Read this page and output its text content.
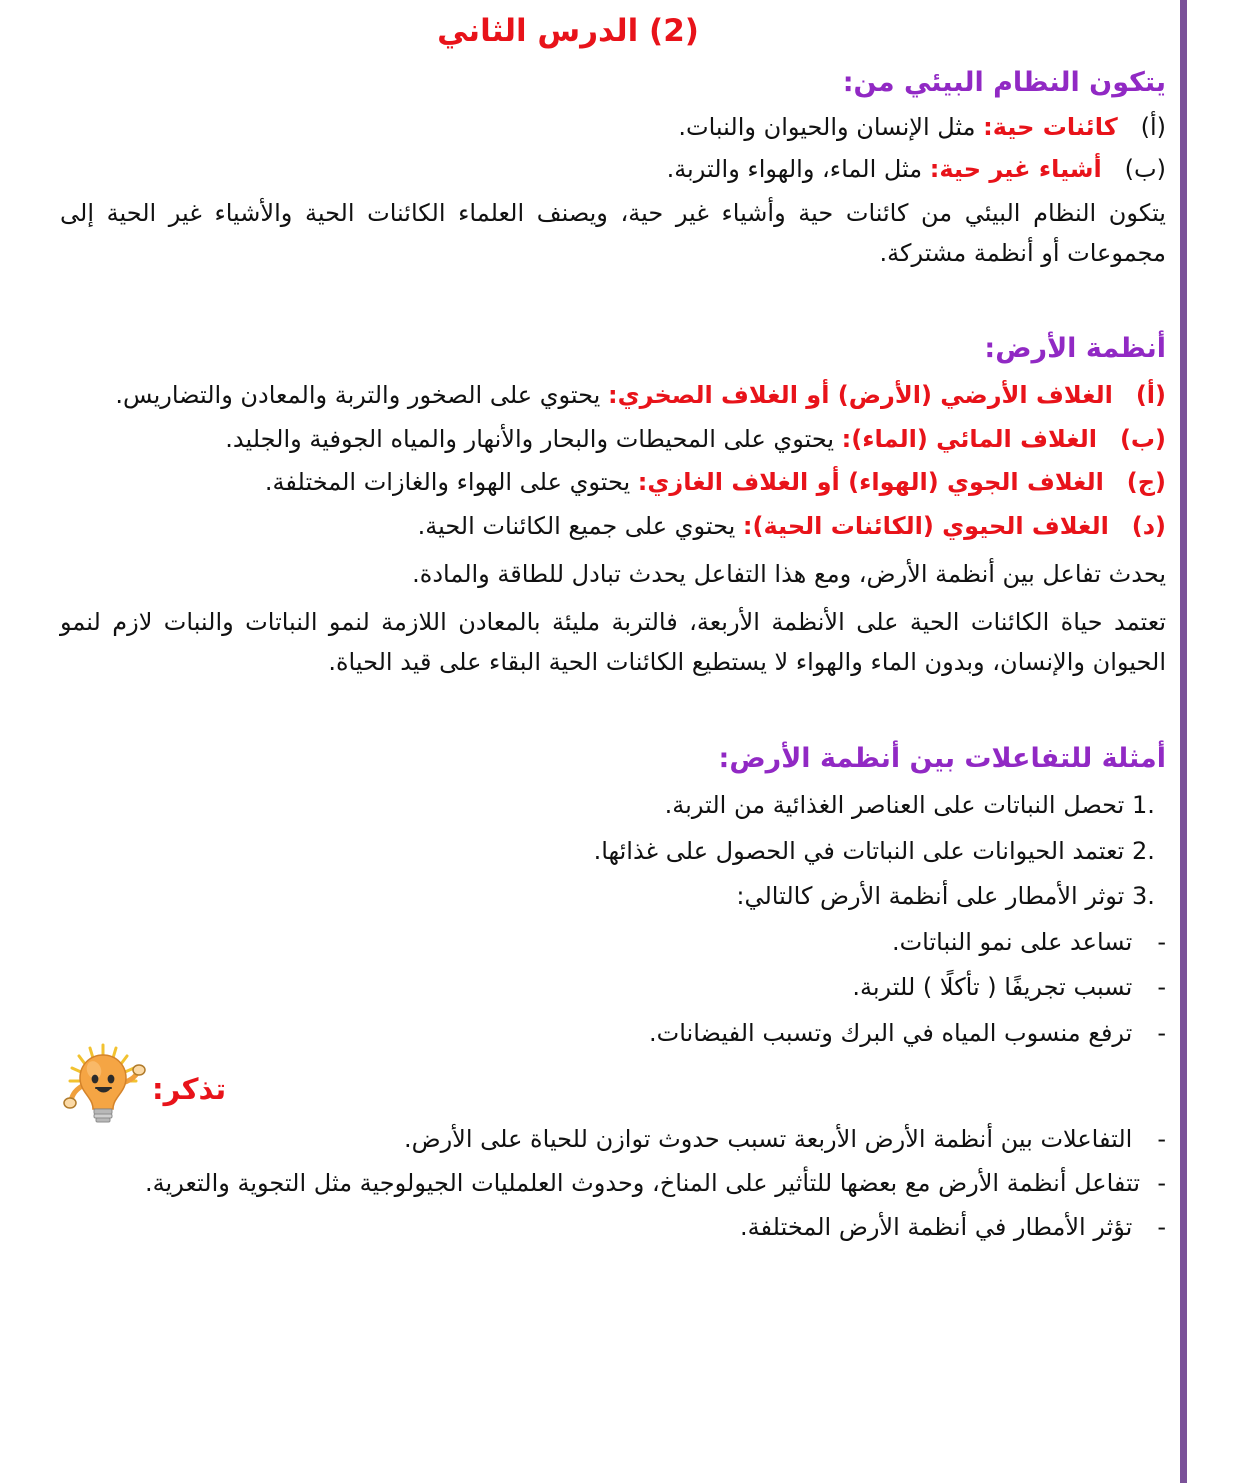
(2) الدرس الثاني
يتكون النظام البيئي من:
(أ)   كائنات حية: مثل الإنسان والحيوان والنبات.
(ب)   أشياء غير حية: مثل الماء، والهواء والتربة.

يتكون النظام البيئي من كائنات حية وأشياء غير حية، ويصنف العلماء الكائنات الحية والأشياء غير الحية إلى مجموعات أو أنظمة مشتركة.

أنظمة الأرض:
(أ)   الغلاف الأرضي (الأرض) أو الغلاف الصخري: يحتوي على الصخور والتربة والمعادن والتضاريس.
(ب)   الغلاف المائي (الماء): يحتوي على المحيطات والبحار والأنهار والمياه الجوفية والجليد.
(ج)   الغلاف الجوي (الهواء) أو الغلاف الغازي: يحتوي على الهواء والغازات المختلفة.
(د)   الغلاف الحيوي (الكائنات الحية): يحتوي على جميع الكائنات الحية.

يحدث تفاعل بين أنظمة الأرض، ومع هذا التفاعل يحدث تبادل للطاقة والمادة.

تعتمد حياة الكائنات الحية على الأنظمة الأربعة، فالتربة مليئة بالمعادن اللازمة لنمو النباتات والنبات لازم لنمو الحيوان والإنسان، وبدون الماء والهواء لا يستطيع الكائنات الحية البقاء على قيد الحياة.

أمثلة للتفاعلات بين أنظمة الأرض:
1. تحصل النباتات على العناصر الغذائية من التربة.
2. تعتمد الحيوانات على النباتات في الحصول على غذائها.
3. توثر الأمطار على أنظمة الأرض كالتالي:
- تساعد على نمو النباتات.
- تسبب تجريفًا ( تأكلًا ) للتربة.
- ترفع منسوب المياه في البرك وتسبب الفيضانات.
تذكر:
- التفاعلات بين أنظمة الأرض الأربعة تسبب حدوث توازن للحياة على الأرض.
-
تتفاعل أنظمة الأرض مع بعضها للتأثير على المناخ، وحدوث العلمليات الجيولوجية مثل التجوية والتعرية.
- تؤثر الأمطار في أنظمة الأرض المختلفة.
